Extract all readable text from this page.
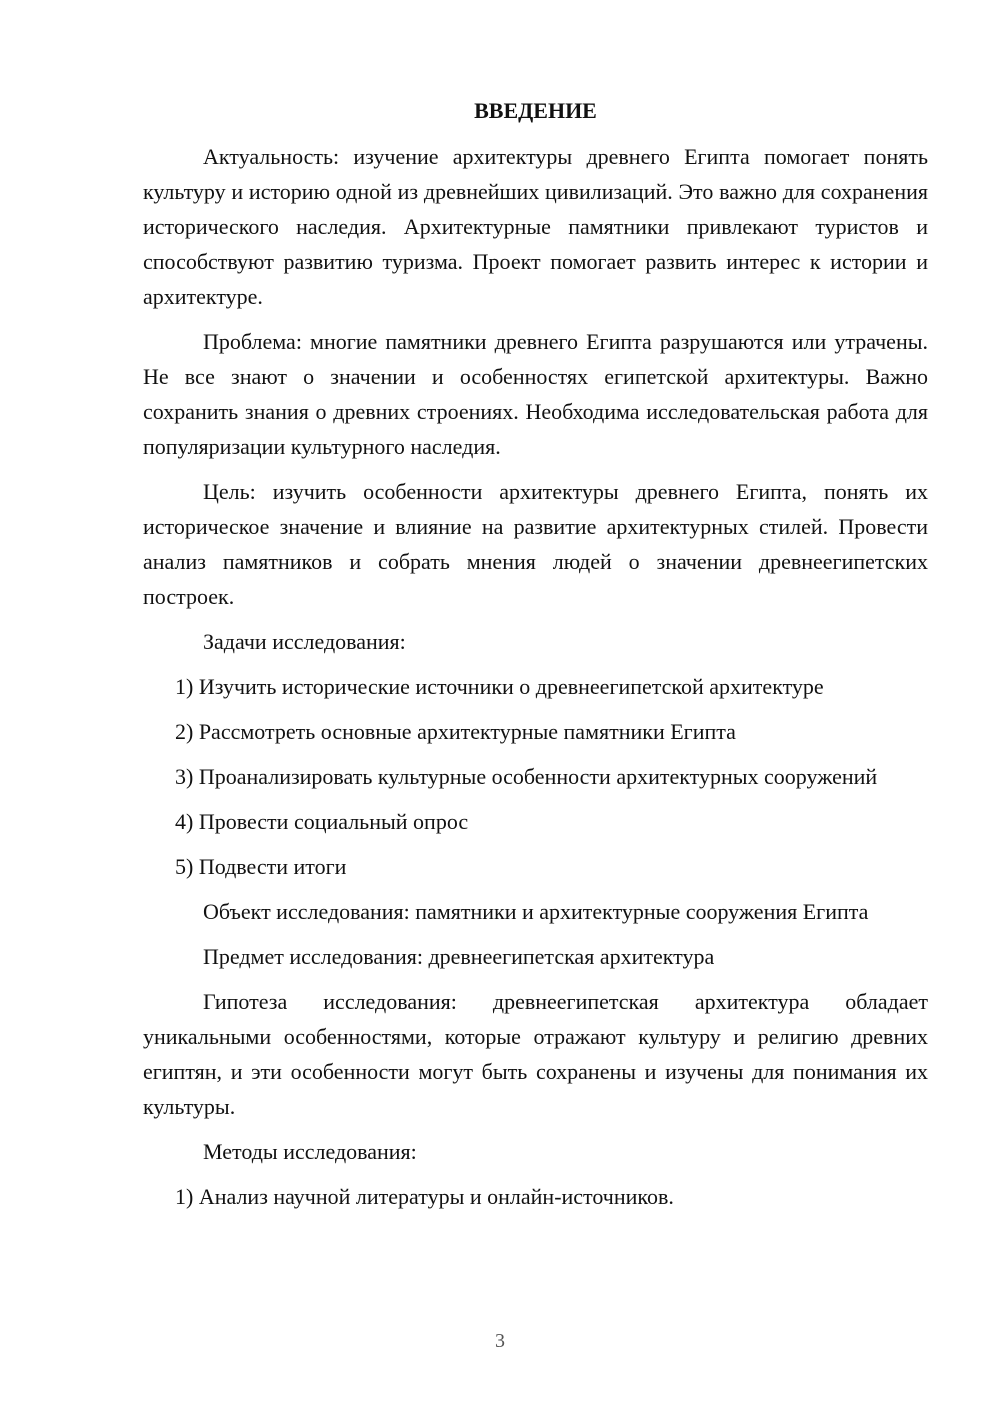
ВВЕДЕНИЕ

Актуальность: изучение архитектуры древнего Египта помогает понять культуру и историю одной из древнейших цивилизаций. Это важно для сохранения исторического наследия. Архитектурные памятники привлекают туристов и способствуют развитию туризма. Проект помогает развить интерес к истории и архитектуре.

Проблема: многие памятники древнего Египта разрушаются или утрачены. Не все знают о значении и особенностях египетской архитектуры. Важно сохранить знания о древних строениях. Необходима исследовательская работа для популяризации культурного наследия.

Цель: изучить особенности архитектуры древнего Египта, понять их историческое значение и влияние на развитие архитектурных стилей. Провести анализ памятников и собрать мнения людей о значении древнеегипетских построек.

Задачи исследования:

1) Изучить исторические источники о древнеегипетской архитектуре

2) Рассмотреть основные архитектурные памятники Египта

3) Проанализировать культурные особенности архитектурных сооружений

4) Провести социальный опрос

5) Подвести итоги

Объект исследования: памятники и архитектурные сооружения Египта

Предмет исследования: древнеегипетская архитектура

Гипотеза исследования: древнеегипетская архитектура обладает уникальными особенностями, которые отражают культуру и религию древних египтян, и эти особенности могут быть сохранены и изучены для понимания их культуры.

Методы исследования:

1) Анализ научной литературы и онлайн-источников.

3
